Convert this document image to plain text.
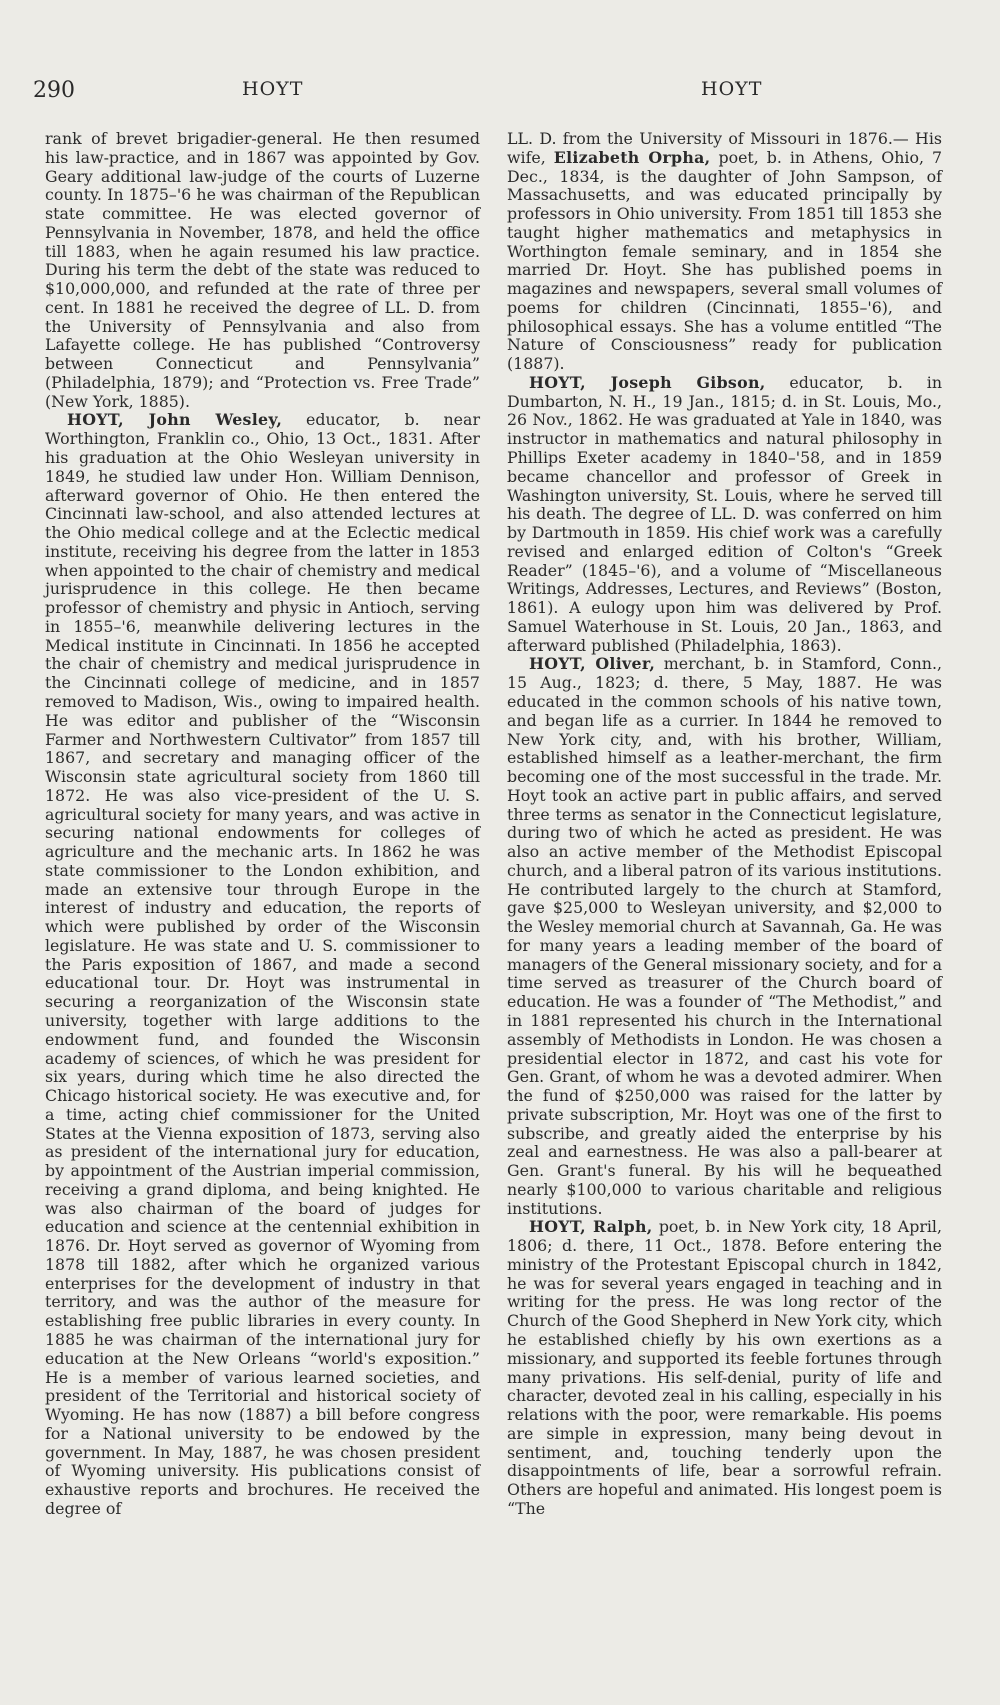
290	HOYT	HOYT

rank of brevet brigadier-general. He then resumed his law-practice, and in 1867 was appointed by Gov. Geary additional law-judge of the courts of Luzerne county. In 1875–'6 he was chairman of the Republican state committee. He was elected governor of Pennsylvania in November, 1878, and held the office till 1883, when he again resumed his law practice. During his term the debt of the state was reduced to $10,000,000, and refunded at the rate of three per cent. In 1881 he received the degree of LL. D. from the University of Pennsylvania and also from Lafayette college. He has published “Controversy between Connecticut and Pennsylvania” (Philadelphia, 1879); and “Protection vs. Free Trade” (New York, 1885).

HOYT, John Wesley, educator, b. near Worthington, Franklin co., Ohio, 13 Oct., 1831. After his graduation at the Ohio Wesleyan university in 1849, he studied law under Hon. William Dennison, afterward governor of Ohio. He then entered the Cincinnati law-school, and also attended lectures at the Ohio medical college and at the Eclectic medical institute, receiving his degree from the latter in 1853 when appointed to the chair of chemistry and medical jurisprudence in this college. He then became professor of chemistry and physic in Antioch, serving in 1855–'6, meanwhile delivering lectures in the Medical institute in Cincinnati. In 1856 he accepted the chair of chemistry and medical jurisprudence in the Cincinnati college of medicine, and in 1857 removed to Madison, Wis., owing to impaired health. He was editor and publisher of the “Wisconsin Farmer and Northwestern Cultivator” from 1857 till 1867, and secretary and managing officer of the Wisconsin state agricultural society from 1860 till 1872. He was also vice-president of the U. S. agricultural society for many years, and was active in securing national endowments for colleges of agriculture and the mechanic arts. In 1862 he was state commissioner to the London exhibition, and made an extensive tour through Europe in the interest of industry and education, the reports of which were published by order of the Wisconsin legislature. He was state and U. S. commissioner to the Paris exposition of 1867, and made a second educational tour. Dr. Hoyt was instrumental in securing a reorganization of the Wisconsin state university, together with large additions to the endowment fund, and founded the Wisconsin academy of sciences, of which he was president for six years, during which time he also directed the Chicago historical society. He was executive and, for a time, acting chief commissioner for the United States at the Vienna exposition of 1873, serving also as president of the international jury for education, by appointment of the Austrian imperial commission, receiving a grand diploma, and being knighted. He was also chairman of the board of judges for education and science at the centennial exhibition in 1876. Dr. Hoyt served as governor of Wyoming from 1878 till 1882, after which he organized various enterprises for the development of industry in that territory, and was the author of the measure for establishing free public libraries in every county. In 1885 he was chairman of the international jury for education at the New Orleans “world's exposition.” He is a member of various learned societies, and president of the Territorial and historical society of Wyoming. He has now (1887) a bill before congress for a National university to be endowed by the government. In May, 1887, he was chosen president of Wyoming university. His publications consist of exhaustive reports and brochures. He received the degree of

LL. D. from the University of Missouri in 1876.— His wife, Elizabeth Orpha, poet, b. in Athens, Ohio, 7 Dec., 1834, is the daughter of John Sampson, of Massachusetts, and was educated principally by professors in Ohio university. From 1851 till 1853 she taught higher mathematics and metaphysics in Worthington female seminary, and in 1854 she married Dr. Hoyt. She has published poems in magazines and newspapers, several small volumes of poems for children (Cincinnati, 1855–'6), and philosophical essays. She has a volume entitled “The Nature of Consciousness” ready for publication (1887).

HOYT, Joseph Gibson, educator, b. in Dumbarton, N. H., 19 Jan., 1815; d. in St. Louis, Mo., 26 Nov., 1862. He was graduated at Yale in 1840, was instructor in mathematics and natural philosophy in Phillips Exeter academy in 1840–'58, and in 1859 became chancellor and professor of Greek in Washington university, St. Louis, where he served till his death. The degree of LL. D. was conferred on him by Dartmouth in 1859. His chief work was a carefully revised and enlarged edition of Colton's “Greek Reader” (1845–'6), and a volume of “Miscellaneous Writings, Addresses, Lectures, and Reviews” (Boston, 1861). A eulogy upon him was delivered by Prof. Samuel Waterhouse in St. Louis, 20 Jan., 1863, and afterward published (Philadelphia, 1863).

HOYT, Oliver, merchant, b. in Stamford, Conn., 15 Aug., 1823; d. there, 5 May, 1887. He was educated in the common schools of his native town, and began life as a currier. In 1844 he removed to New York city, and, with his brother, William, established himself as a leather-merchant, the firm becoming one of the most successful in the trade. Mr. Hoyt took an active part in public affairs, and served three terms as senator in the Connecticut legislature, during two of which he acted as president. He was also an active member of the Methodist Episcopal church, and a liberal patron of its various institutions. He contributed largely to the church at Stamford, gave $25,000 to Wesleyan university, and $2,000 to the Wesley memorial church at Savannah, Ga. He was for many years a leading member of the board of managers of the General missionary society, and for a time served as treasurer of the Church board of education. He was a founder of “The Methodist,” and in 1881 represented his church in the International assembly of Methodists in London. He was chosen a presidential elector in 1872, and cast his vote for Gen. Grant, of whom he was a devoted admirer. When the fund of $250,000 was raised for the latter by private subscription, Mr. Hoyt was one of the first to subscribe, and greatly aided the enterprise by his zeal and earnestness. He was also a pall-bearer at Gen. Grant's funeral. By his will he bequeathed nearly $100,000 to various charitable and religious institutions.

HOYT, Ralph, poet, b. in New York city, 18 April, 1806; d. there, 11 Oct., 1878. Before entering the ministry of the Protestant Episcopal church in 1842, he was for several years engaged in teaching and in writing for the press. He was long rector of the Church of the Good Shepherd in New York city, which he established chiefly by his own exertions as a missionary, and supported its feeble fortunes through many privations. His self-denial, purity of life and character, devoted zeal in his calling, especially in his relations with the poor, were remarkable. His poems are simple in expression, many being devout in sentiment, and, touching tenderly upon the disappointments of life, bear a sorrowful refrain. Others are hopeful and animated. His longest poem is “The
